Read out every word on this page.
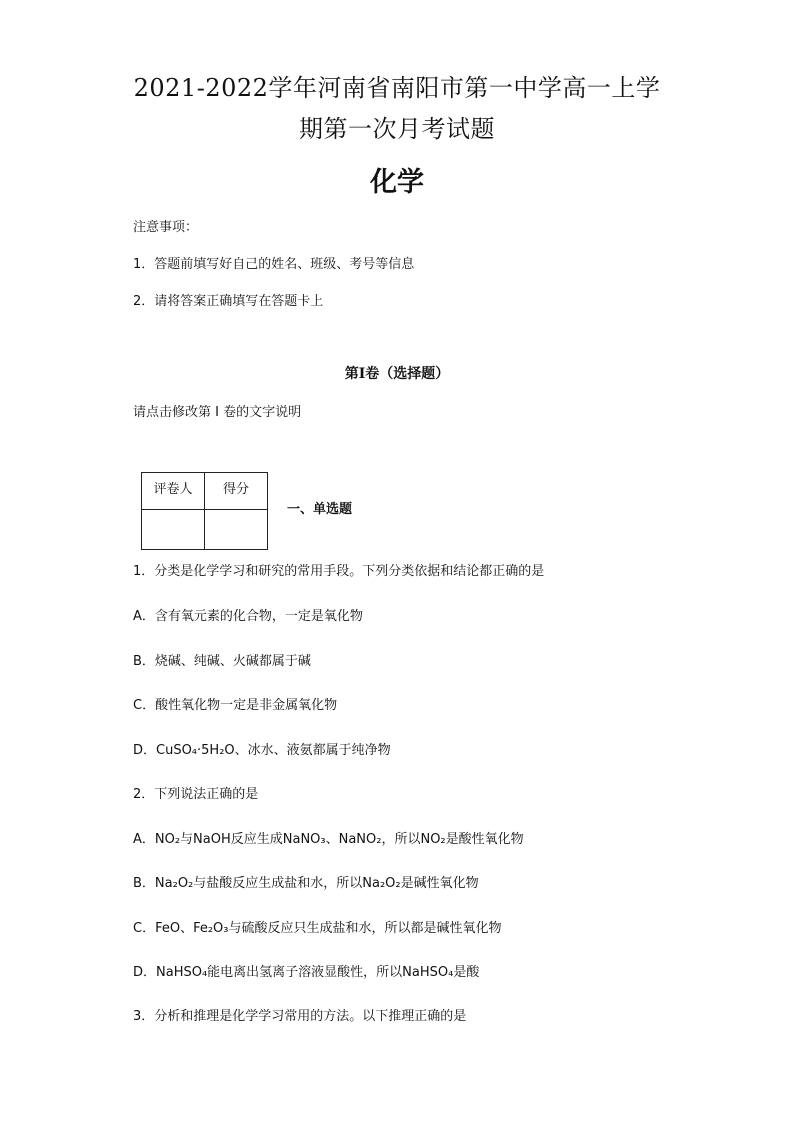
2021-2022学年河南省南阳市第一中学高一上学
期第一次月考试题
化学
注意事项：
1．答题前填写好自己的姓名、班级、考号等信息
2．请将答案正确填写在答题卡上
第I卷（选择题）
请点击修改第 I 卷的文字说明
评卷人	得分

一、单选题
1．分类是化学学习和研究的常用手段。下列分类依据和结论都正确的是
A．含有氧元素的化合物，一定是氧化物
B．烧碱、纯碱、火碱都属于碱
C．酸性氧化物一定是非金属氧化物
D．CuSO₄·5H₂O、冰水、液氨都属于纯净物
2．下列说法正确的是
A．NO₂与NaOH反应生成NaNO₃、NaNO₂，所以NO₂是酸性氧化物
B．Na₂O₂与盐酸反应生成盐和水，所以Na₂O₂是碱性氧化物
C．FeO、Fe₂O₃与硫酸反应只生成盐和水，所以都是碱性氧化物
D．NaHSO₄能电离出氢离子溶液显酸性，所以NaHSO₄是酸
3．分析和推理是化学学习常用的方法。以下推理正确的是
